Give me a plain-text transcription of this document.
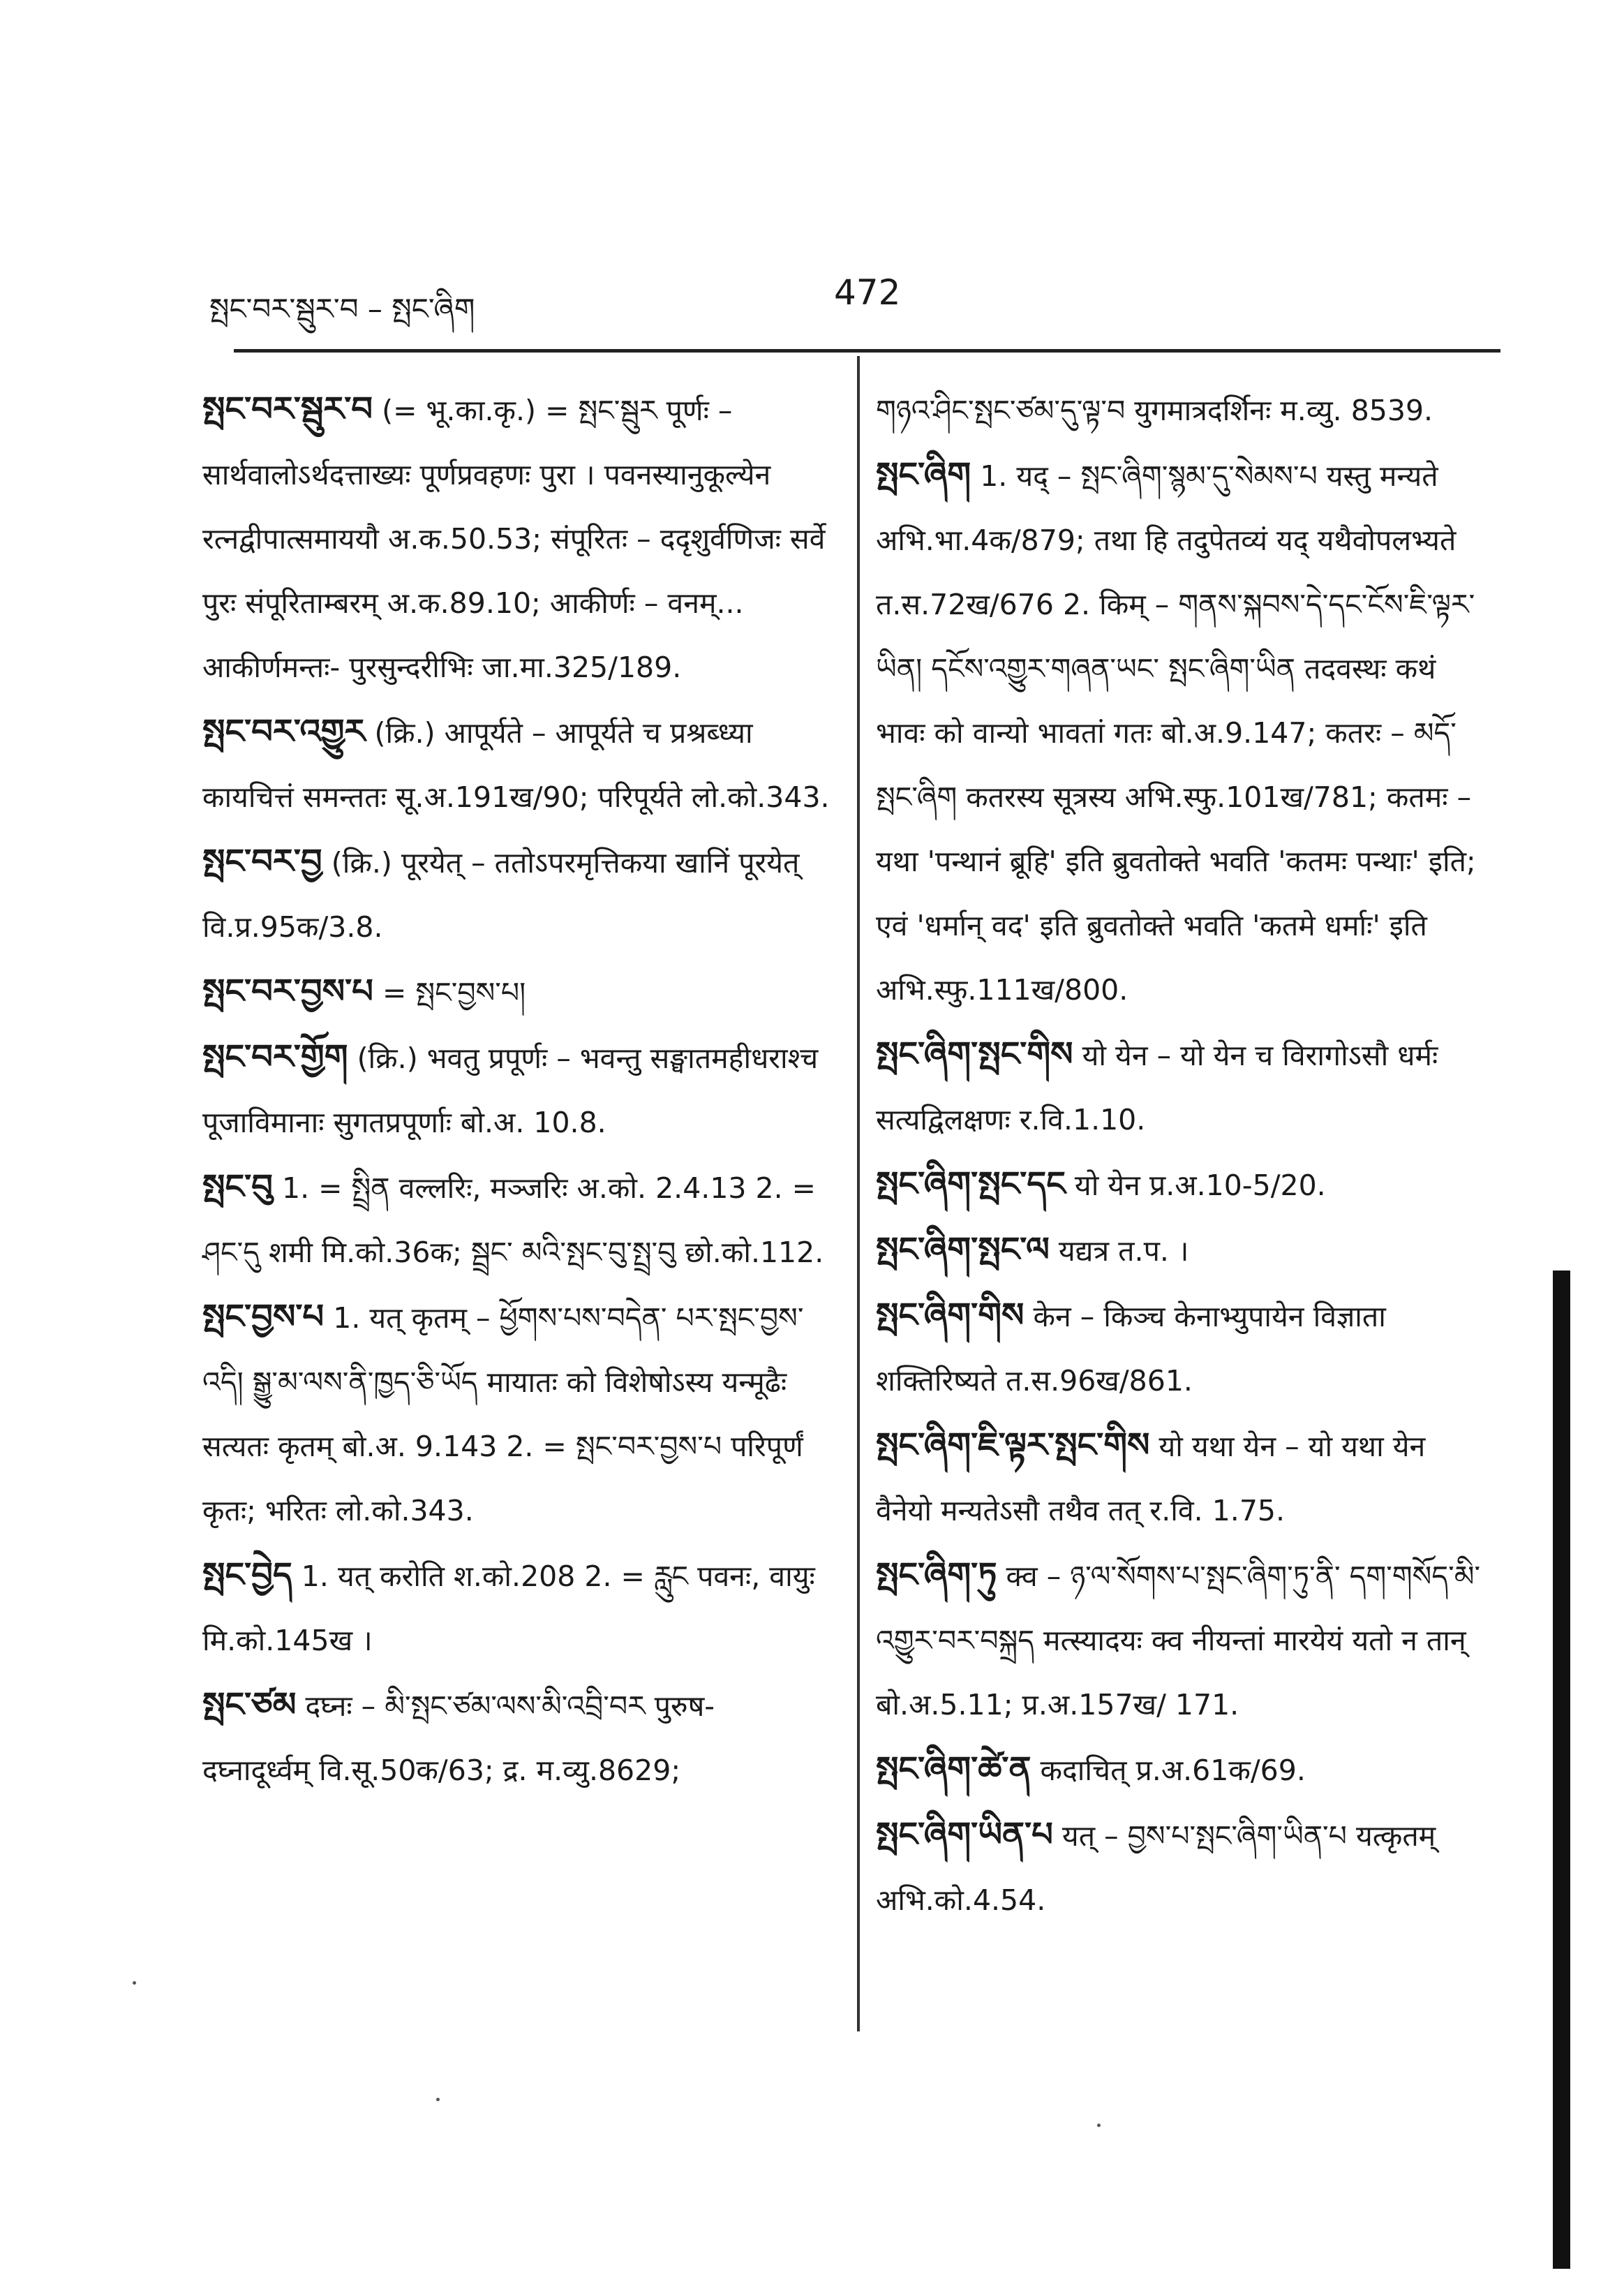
སྤང་བར་སྦུར་བ – སྤང་ཞིག	472

སྤང་བར་སྦུར་བ (= भू.का.कृ.) = སྤང་སྦུར पूर्णः – सार्थवालोऽर्थदत्ताख्यः पूर्णप्रवहणः पुरा । पवनस्यानुकूल्येन रत्नद्वीपात्समाययौ अ.क.50.53; संपूरितः – ददृशुर्वणिजः सर्वे पुरः संपूरिताम्बरम् अ.क.89.10; आकीर्णः – वनम्... आकीर्णमन्तः- पुरसुन्दरीभिः जा.मा.325/189.

སྤང་བར་འགྱུར (क्रि.) आपूर्यते – आपूर्यते च प्रश्रब्ध्या कायचित्तं समन्ततः सू.अ.191ख/90; परिपूर्यते लो.को.343.

སྤང་བར་བྱ (क्रि.) पूरयेत् – ततोऽपरमृत्तिकया खानिं पूरयेत् वि.प्र.95क/3.8.

སྤང་བར་བྱས་པ = སྤང་བྱས་པ།

སྤང་བར་གྱོག (क्रि.) भवतु प्रपूर्णः – भवन्तु सङ्घातमहीधराश्च पूजाविमानाः सुगतप्रपूर्णाः बो.अ. 10.8.

སྤང་བུ 1. = སྤྲིན वल्लरिः, मञ्जरिः अ.को. 2.4.13 2. = ཤང་དུ शमी मि.को.36क; སྦྲང་ མའི་སྤང་བུ་སྤྲ་བུ छो.को.112.

སྤང་བྱས་པ 1. यत् कृतम् – ཕྱོགས་པས་བདེན་ པར་སྤང་བྱས་འདི། སྒྱུ་མ་ལས་ནི་ཁྱད་ཅི་ཡོད मायातः को विशेषोऽस्य यन्मूढैः सत्यतः कृतम् बो.अ. 9.143 2. = སྤང་བར་བྱས་པ परिपूर्णं कृतः; भरितः लो.को.343.

སྤང་བྱེད 1. यत् करोति श.को.208 2. = རླུང पवनः, वायुः मि.को.145ख ।

སྤང་ཙམ दघ्नः – མི་སྤང་ཙམ་ལས་མི་འབྲི་བར पुरुष- दघ्नादूर्ध्वम् वि.सू.50क/63; द्र. म.व्यु.8629;

གཉའ་ཤིང་སྤང་ཙམ་དུ་ལྟ་བ युगमात्रदर्शिनः म.व्यु. 8539.

སྤང་ཞིག 1. यद् – སྤང་ཞིག་སྙམ་དུ་སེམས་པ यस्तु मन्यते अभि.भा.4क/879; तथा हि तदुपेतव्यं यद् यथैवोपलभ्यते त.स.72ख/676 2. किम् – གནས་སྐབས་དེ་དང་ངོས་ཇི་ལྟར་ཡིན། དངོས་འགྱུར་གཞན་ཡང་ སྤང་ཞིག་ཡིན तदवस्थः कथं भावः को वान्यो भावतां गतः बो.अ.9.147; कतरः – མདོ་སྤང་ཞིག कतरस्य सूत्रस्य अभि.स्फु.101ख/781; कतमः – यथा 'पन्थानं ब्रूहि' इति ब्रुवतोक्ते भवति 'कतमः पन्थाः' इति; एवं 'धर्मान् वद' इति ब्रुवतोक्ते भवति 'कतमे धर्माः' इति अभि.स्फु.111ख/800.

སྤང་ཞིག་སྤང་གིས यो येन – यो येन च विरागोऽसौ धर्मः सत्यद्विलक्षणः र.वि.1.10.

སྤང་ཞིག་སྤང་དང यो येन प्र.अ.10-5/20.

སྤང་ཞིག་སྤང་ལ यद्यत्र त.प. ।

སྤང་ཞིག་གིས केन – किञ्च केनाभ्युपायेन विज्ञाता शक्तिरिष्यते त.स.96ख/861.

སྤང་ཞིག་ཇི་ལྟར་སྤང་གིས यो यथा येन – यो यथा येन वैनेयो मन्यतेऽसौ तथैव तत् र.वि. 1.75.

སྤང་ཞིག་ཏུ क्व – ཉ་ལ་སོགས་པ་སྤང་ཞིག་ཏུ་ནི་ དག་གསོད་མི་འགྱུར་བར་བསྐྲད मत्स्यादयः क्व नीयन्तां मारयेयं यतो न तान् बो.अ.5.11; प्र.अ.157ख/ 171.

སྤང་ཞིག་ཚེ་ན कदाचित् प्र.अ.61क/69.

སྤང་ཞིག་ཡིན་པ यत् – བྱས་པ་སྤང་ཞིག་ཡིན་པ यत्कृतम् अभि.को.4.54.
